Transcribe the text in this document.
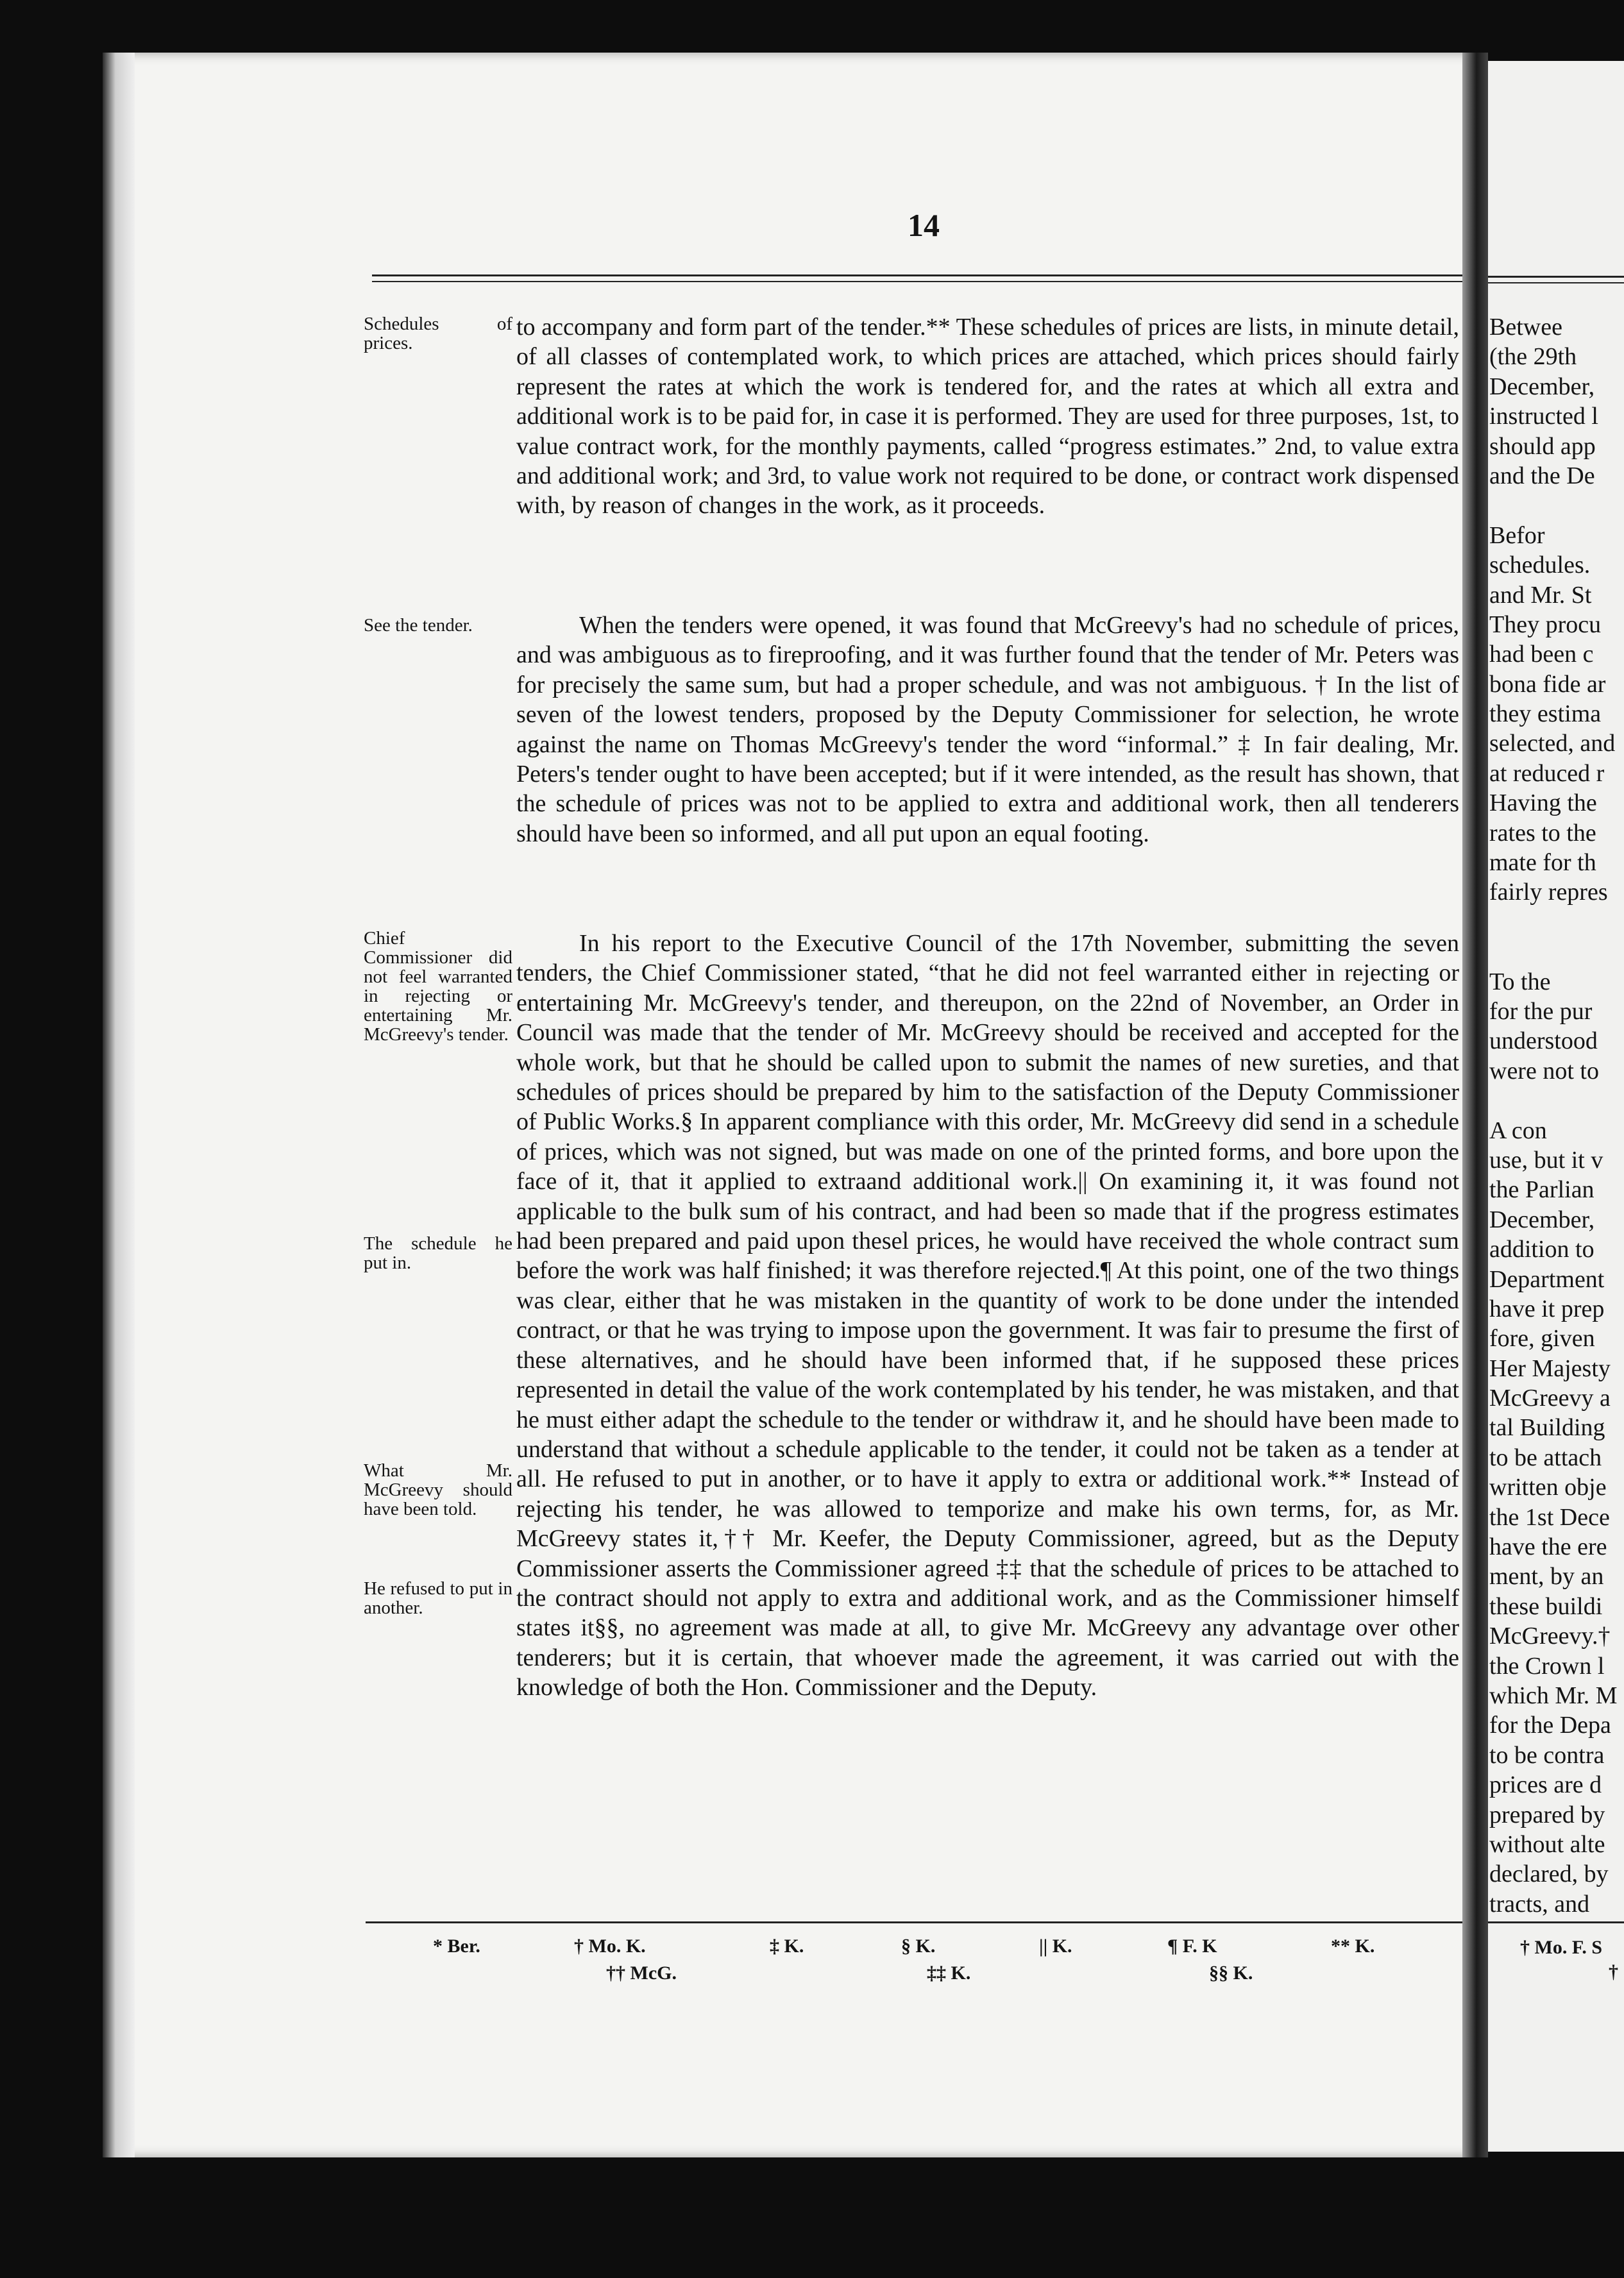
14
Schedules of prices.
See the tender.
Chief Commissioner did not feel warranted in rejecting or entertaining Mr. McGreevy's tender.
The schedule he put in.
What Mr. McGreevy should have been told.
He refused to put in another.

to accompany and form part of the tender.** These schedules of prices are lists, in minute detail, of all classes of contemplated work, to which prices are attached, which prices should fairly represent the rates at which the work is tendered for, and the rates at which all extra and additional work is to be paid for, in case it is performed. They are used for three purposes, 1st, to value contract work, for the monthly payments, called “progress estimates.” 2nd, to value extra and additional work; and 3rd, to value work not required to be done, or contract work dispensed with, by reason of changes in the work, as it proceeds.

When the tenders were opened, it was found that McGreevy's had no schedule of prices, and was ambiguous as to fireproofing, and it was further found that the tender of Mr. Peters was for precisely the same sum, but had a proper schedule, and was not ambiguous. † In the list of seven of the lowest tenders, proposed by the Deputy Commissioner for selection, he wrote against the name on Thomas McGreevy's tender the word “informal.” ‡ In fair dealing, Mr. Peters's tender ought to have been accepted; but if it were intended, as the result has shown, that the schedule of prices was not to be applied to extra and additional work, then all tenderers should have been so informed, and all put upon an equal footing.

In his report to the Executive Council of the 17th November, submitting the seven tenders, the Chief Commissioner stated, “that he did not feel warranted either in rejecting or entertaining Mr. McGreevy's tender, and thereupon, on the 22nd of November, an Order in Council was made that the tender of Mr. McGreevy should be received and accepted for the whole work, but that he should be called upon to submit the names of new sureties, and that schedules of prices should be prepared by him to the satisfaction of the Deputy Commissioner of Public Works.§ In apparent compliance with this order, Mr. McGreevy did send in a schedule of prices, which was not signed, but was made on one of the printed forms, and bore upon the face of it, that it applied to extraand additional work.|| On examining it, it was found not applicable to the bulk sum of his contract, and had been so made that if the progress estimates had been prepared and paid upon thesel prices, he would have received the whole contract sum before the work was half finished; it was therefore rejected.¶ At this point, one of the two things was clear, either that he was mistaken in the quantity of work to be done under the intended contract, or that he was trying to impose upon the government. It was fair to presume the first of these alternatives, and he should have been informed that, if he supposed these prices represented in detail the value of the work contemplated by his tender, he was mistaken, and that he must either adapt the schedule to the tender or withdraw it, and he should have been made to understand that without a schedule applicable to the tender, it could not be taken as a tender at all. He refused to put in another, or to have it apply to extra or additional work.** Instead of rejecting his tender, he was allowed to temporize and make his own terms, for, as Mr. McGreevy states it,†† Mr. Keefer, the Deputy Commissioner, agreed, but as the Deputy Commissioner asserts the Commissioner agreed ‡‡ that the schedule of prices to be attached to the contract should not apply to extra and additional work, and as the Commissioner himself states it§§, no agreement was made at all, to give Mr. McGreevy any advantage over other tenderers; but it is certain, that whoever made the agreement, it was carried out with the knowledge of both the Hon. Commissioner and the Deputy.

* Ber.	† Mo. K.	‡ K.	§ K.	|| K.	¶ F. K	** K.
†† McG.	‡‡ K.	§§ K.
Betwee
(the 29th
December,
instructed l
should app
and the De
Befor
schedules.
and Mr. St
They procu
had been c
bona fide ar
they estima
selected, and
at reduced r
Having the
rates to the
mate for th
fairly repres
To the
for the pur
understood
were not to
A con
use, but it v
the Parlian
December,
addition to
Department
have it prep
fore, given
Her Majesty
McGreevy a
tal Building
to be attach
written obje
the 1st Dece
have the ere
ment, by an
these buildi
McGreevy.†
the Crown l
which Mr. M
for the Depa
to be contra
prices are d
prepared by
without alte
declared, by
tracts, and
† Mo. F. S
†
